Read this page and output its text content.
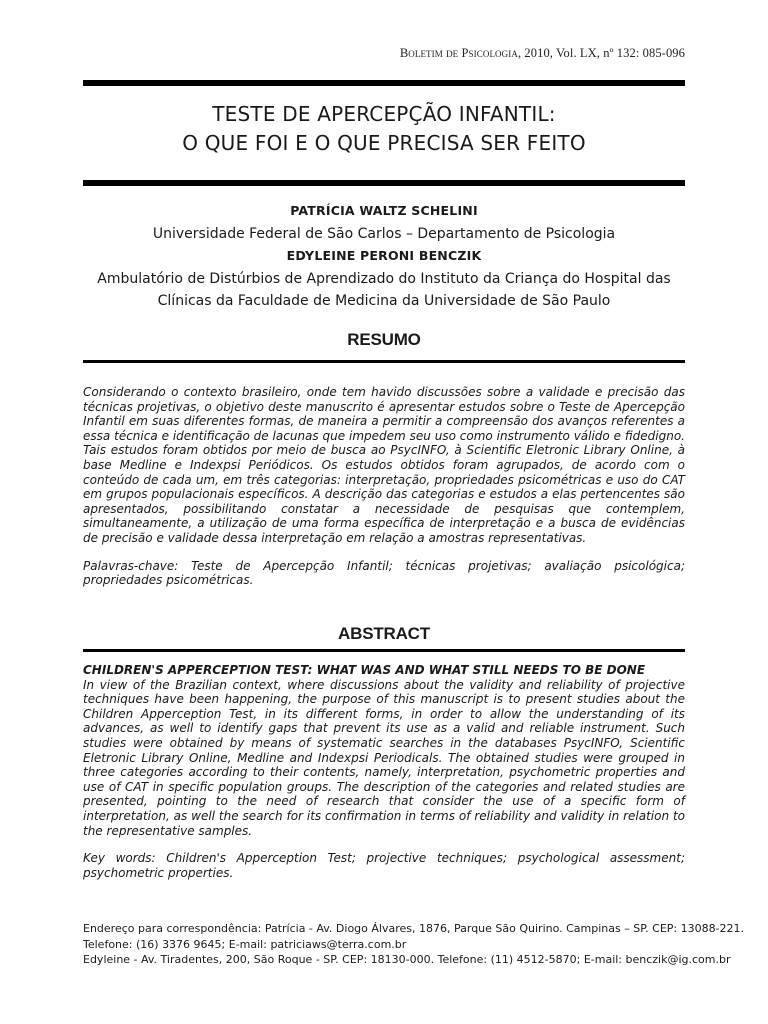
Boletim de Psicologia, 2010, Vol. LX, nº 132: 085-096
TESTE DE APERCEPÇÃO INFANTIL:
O QUE FOI E O QUE PRECISA SER FEITO
PATRÍCIA WALTZ SCHELINI
Universidade Federal de São Carlos – Departamento de Psicologia
EDYLEINE PERONI BENCZIK
Ambulatório de Distúrbios de Aprendizado do Instituto da Criança do Hospital das
Clínicas da Faculdade de Medicina da Universidade de São Paulo
RESUMO

Considerando o contexto brasileiro, onde tem havido discussões sobre a validade e precisão das técnicas projetivas, o objetivo deste manuscrito é apresentar estudos sobre o Teste de Apercepção Infantil em suas diferentes formas, de maneira a permitir a compreensão dos avanços referentes a essa técnica e identificação de lacunas que impedem seu uso como instrumento válido e fidedigno. Tais estudos foram obtidos por meio de busca ao PsycINFO, à Scientific Eletronic Library Online, à base Medline e Indexpsi Periódicos. Os estudos obtidos foram agrupados, de acordo com o conteúdo de cada um, em três categorias: interpretação, propriedades psicométricas e uso do CAT em grupos populacionais específicos. A descrição das categorias e estudos a elas pertencentes são apresentados, possibilitando constatar a necessidade de pesquisas que contemplem, simultaneamente, a utilização de uma forma específica de interpretação e a busca de evidências de precisão e validade dessa interpretação em relação a amostras representativas.

Palavras-chave: Teste de Apercepção Infantil; técnicas projetivas; avaliação psicológica; propriedades psicométricas.

ABSTRACT

CHILDREN'S APPERCEPTION TEST: WHAT WAS AND WHAT STILL NEEDS TO BE DONE

In view of the Brazilian context, where discussions about the validity and reliability of projective techniques have been happening, the purpose of this manuscript is to present studies about the Children Apperception Test, in its different forms, in order to allow the understanding of its advances, as well to identify gaps that prevent its use as a valid and reliable instrument. Such studies were obtained by means of systematic searches in the databases PsycINFO, Scientific Eletronic Library Online, Medline and Indexpsi Periodicals. The obtained studies were grouped in three categories according to their contents, namely, interpretation, psychometric properties and use of CAT in specific population groups. The description of the categories and related studies are presented, pointing to the need of research that consider the use of a specific form of interpretation, as well the search for its confirmation in terms of reliability and validity in relation to the representative samples.

Key words: Children's Apperception Test; projective techniques; psychological assessment; psychometric properties.

Endereço para correspondência: Patrícia - Av. Diogo Álvares, 1876, Parque São Quirino. Campinas – SP. CEP: 13088-221.
Telefone: (16) 3376 9645; E-mail: patriciaws@terra.com.br
Edyleine - Av. Tiradentes, 200, São Roque - SP. CEP: 18130-000. Telefone: (11) 4512-5870; E-mail: benczik@ig.com.br
